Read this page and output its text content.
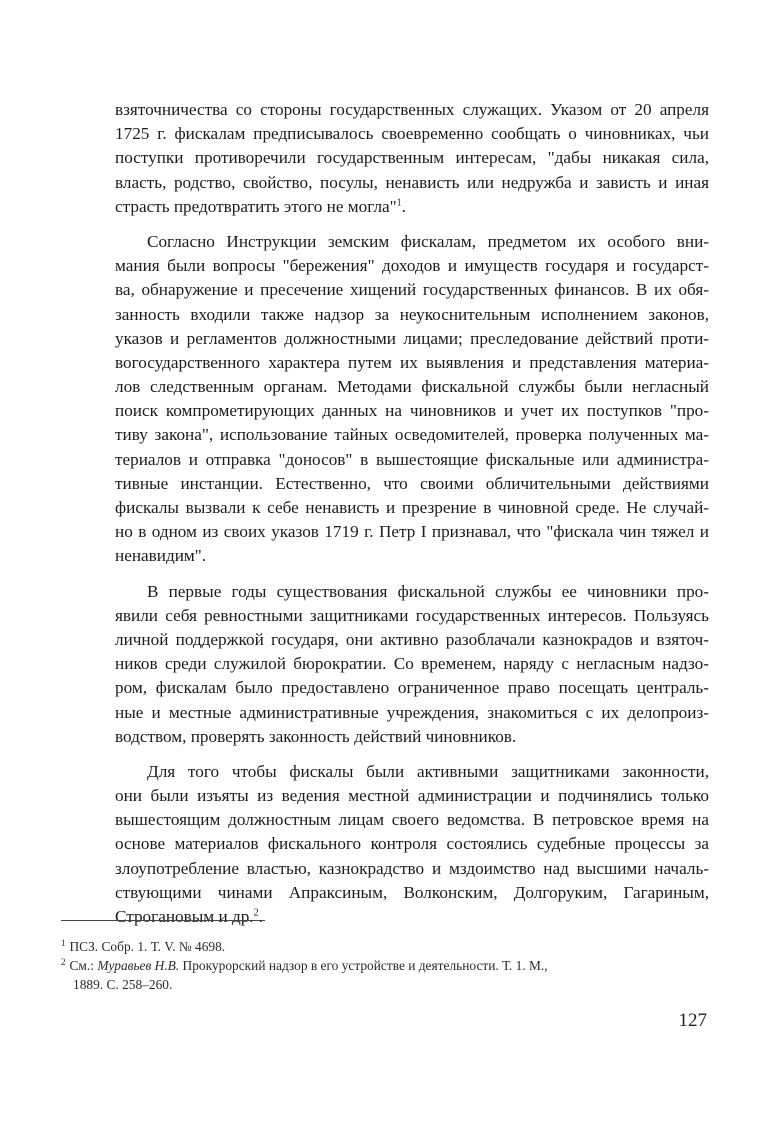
взяточничества со стороны государственных служащих. Указом от 20 апреля
1725 г. фискалам предписывалось своевременно сообщать о чиновниках, чьи
поступки противоречили государственным интересам, "дабы никакая сила,
власть, родство, свойство, посулы, ненависть или недружба и зависть и иная
страсть предотвратить этого не могла"$^1$.
Согласно Инструкции земским фискалам, предметом их особого вни-
мания были вопросы "бережения" доходов и имуществ государя и государст-
ва, обнаружение и пресечение хищений государственных финансов. В их обя-
занность входили также надзор за неукоснительным исполнением законов,
указов и регламентов должностными лицами; преследование действий проти-
вогосударственного характера путем их выявления и представления материа-
лов следственным органам. Методами фискальной службы были негласный
поиск компрометирующих данных на чиновников и учет их поступков "про-
тиву закона", использование тайных осведомителей, проверка полученных ма-
териалов и отправка "доносов" в вышестоящие фискальные или администра-
тивные инстанции. Естественно, что своими обличительными действиями
фискалы вызвали к себе ненависть и презрение в чиновной среде. Не случай-
но в одном из своих указов 1719 г. Петр I признавал, что "фискала чин тяжел и
ненавидим".
В первые годы существования фискальной службы ее чиновники про-
явили себя ревностными защитниками государственных интересов. Пользуясь
личной поддержкой государя, они активно разоблачали казнокрадов и взяточ-
ников среди служилой бюрократии. Со временем, наряду с негласным надзо-
ром, фискалам было предоставлено ограниченное право посещать централь-
ные и местные административные учреждения, знакомиться с их делопроиз-
водством, проверять законность действий чиновников.
Для того чтобы фискалы были активными защитниками законности,
они были изъяты из ведения местной администрации и подчинялись только
вышестоящим должностным лицам своего ведомства. В петровское время на
основе материалов фискального контроля состоялись судебные процессы за
злоупотребление властью, казнокрадство и мздоимство над высшими началь-
ствующими чинами Апраксиным, Волконским, Долгоруким, Гагариным,
Строгановым и др.$^2$.
$^1$ ПСЗ. Собр. 1. Т. V. № 4698.
$^2$ См.: Муравьев Н.В. Прокурорский надзор в его устройстве и деятельности. Т. 1. М.,
1889. С. 258–260.
127
